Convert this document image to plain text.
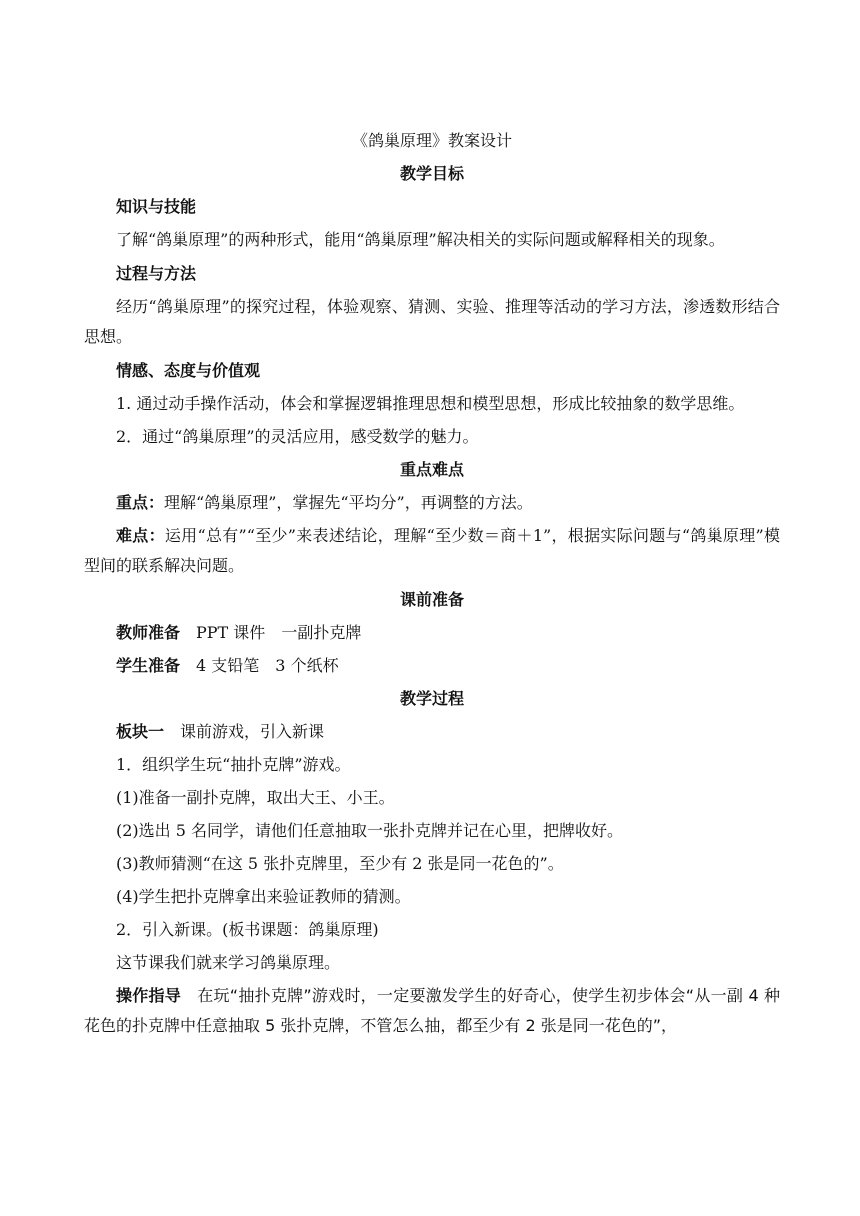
《鸽巢原理》教案设计
教学目标
知识与技能
了解“鸽巢原理”的两种形式，能用“鸽巢原理”解决相关的实际问题或解释相关的现象。
过程与方法
经历“鸽巢原理”的探究过程，体验观察、猜测、实验、推理等活动的学习方法，渗透数形结合思想。
情感、态度与价值观
1. 通过动手操作活动，体会和掌握逻辑推理思想和模型思想，形成比较抽象的数学思维。
2．通过“鸽巢原理”的灵活应用，感受数学的魅力。
重点难点
重点：理解“鸽巢原理”，掌握先“平均分”，再调整的方法。
难点：运用“总有”“至少”来表述结论，理解“至少数＝商＋1”，根据实际问题与“鸽巢原理”模型间的联系解决问题。
课前准备
教师准备 PPT 课件 一副扑克牌
学生准备 4 支铅笔 3 个纸杯
教学过程
板块一 课前游戏，引入新课
1．组织学生玩“抽扑克牌”游戏。
(1)准备一副扑克牌，取出大王、小王。
(2)选出 5 名同学，请他们任意抽取一张扑克牌并记在心里，把牌收好。
(3)教师猜测“在这 5 张扑克牌里，至少有 2 张是同一花色的”。
(4)学生把扑克牌拿出来验证教师的猜测。
2．引入新课。(板书课题：鸽巢原理)
这节课我们就来学习鸽巢原理。
操作指导 在玩“抽扑克牌”游戏时，一定要激发学生的好奇心，使学生初步体会“从一副 4 种花色的扑克牌中任意抽取 5 张扑克牌，不管怎么抽，都至少有 2 张是同一花色的”，
